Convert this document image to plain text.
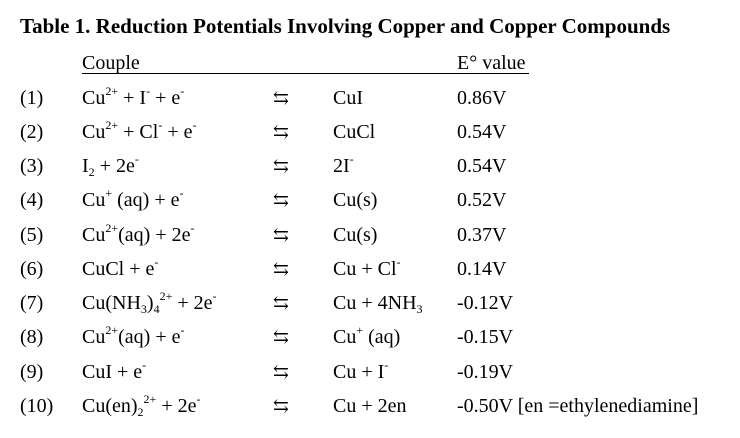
Table 1. Reduction Potentials Involving Copper and Copper Compounds
Couple	E° value
(1) $Cu^{2+} + I^- + e^-$	⇆ CuI	0.86V
(2) $Cu^{2+} + Cl^- + e^-$	⇆ CuCl	0.54V
(3) $I_2 + 2e^-$	⇆ 2I-	0.54V
(4) Cu+ (aq) + e-	⇆ Cu(s)	0.52V
(5) $Cu^{2+}(aq) + 2e^-$	⇆ Cu(s)	0.37V
(6) CuCl + e-	⇆ Cu + Cl-	0.14V
(7) $Cu(NH_3)_4^{2+} + 2e^-$	⇆ $Cu + 4NH_3$ -0.12V
(8) $Cu^{2+}(aq) + e^-$	⇆ Cu+ (aq)	-0.15V
(9) CuI + e-	⇆ Cu + I-	-0.19V
(10) $Cu(en)_2^{2+} + 2e^-$	⇆ Cu + 2en	-0.50V [en =ethylenediamine]
